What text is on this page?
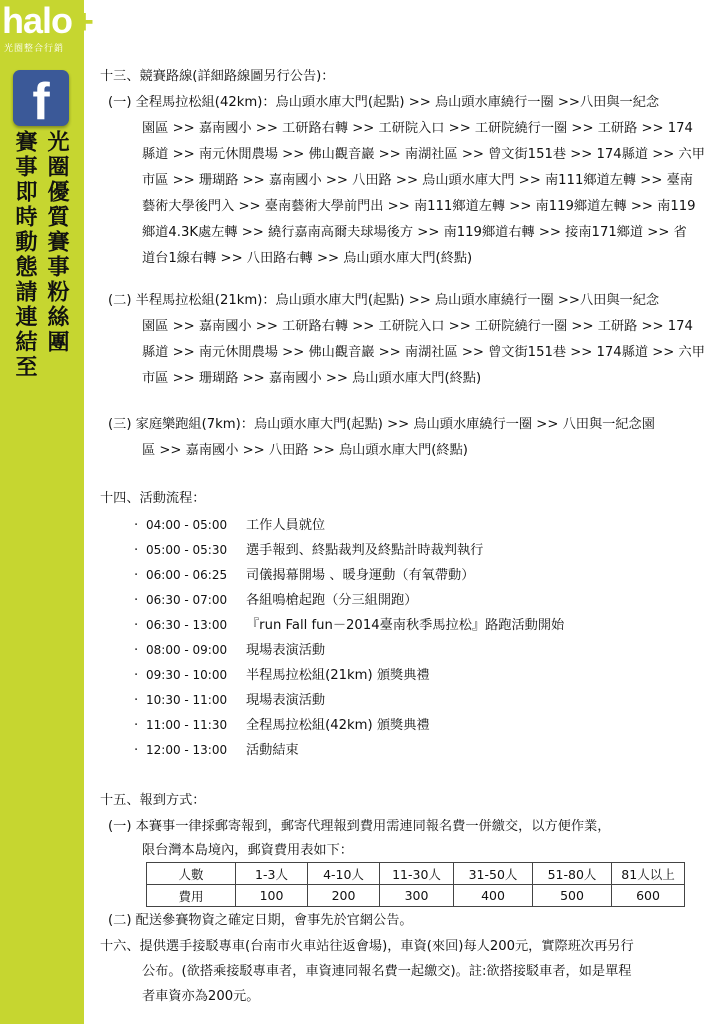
halo+
光圈整合行銷
f
光圈優質賽事粉絲團
賽事即時動態請連結至
十三、競賽路線(詳細路線圖另行公告)：
(一) 全程馬拉松組(42km)：烏山頭水庫大門(起點) >> 烏山頭水庫繞行一圈 >>八田與一紀念
園區 >> 嘉南國小 >> 工研路右轉 >> 工研院入口 >> 工研院繞行一圈 >> 工研路 >> 174
縣道 >> 南元休閒農場 >> 佛山觀音巖 >> 南湖社區 >> 曾文街151巷 >> 174縣道 >> 六甲
市區 >> 珊瑚路 >> 嘉南國小 >> 八田路 >> 烏山頭水庫大門 >> 南111鄉道左轉 >> 臺南
藝術大學後門入 >> 臺南藝術大學前門出 >> 南111鄉道左轉 >> 南119鄉道左轉 >> 南119
鄉道4.3K處左轉 >> 繞行嘉南高爾夫球場後方 >> 南119鄉道右轉 >> 接南171鄉道 >> 省
道台1線右轉 >> 八田路右轉 >> 烏山頭水庫大門(終點)
(二) 半程馬拉松組(21km)：烏山頭水庫大門(起點) >> 烏山頭水庫繞行一圈 >>八田與一紀念
園區 >> 嘉南國小 >> 工研路右轉 >> 工研院入口 >> 工研院繞行一圈 >> 工研路 >> 174
縣道 >> 南元休閒農場 >> 佛山觀音巖 >> 南湖社區 >> 曾文街151巷 >> 174縣道 >> 六甲
市區 >> 珊瑚路 >> 嘉南國小 >> 烏山頭水庫大門(終點)
(三) 家庭樂跑組(7km)：烏山頭水庫大門(起點) >> 烏山頭水庫繞行一圈 >> 八田與一紀念園
區 >> 嘉南國小 >> 八田路 >> 烏山頭水庫大門(終點)
十四、活動流程：
· 04:00 - 05:00 工作人員就位
· 05:00 - 05:30 選手報到、終點裁判及終點計時裁判執行
· 06:00 - 06:25 司儀揭幕開場 、暖身運動（有氧帶動）
· 06:30 - 07:00 各組鳴槍起跑（分三組開跑）
· 06:30 - 13:00 『run Fall fun－2014臺南秋季馬拉松』路跑活動開始
· 08:00 - 09:00 現場表演活動
· 09:30 - 10:00 半程馬拉松組(21km) 頒獎典禮
· 10:30 - 11:00 現場表演活動
· 11:00 - 11:30 全程馬拉松組(42km) 頒獎典禮
· 12:00 - 13:00 活動結束
十五、報到方式：
(一) 本賽事一律採郵寄報到，郵寄代理報到費用需連同報名費一併繳交，以方便作業，
限台灣本島境內，郵資費用表如下：
人數	1-3人	4-10人	11-30人	31-50人	51-80人	81人以上
費用	100	200	300	400	500	600
(二) 配送參賽物資之確定日期，會事先於官網公告。
十六、提供選手接駁專車(台南市火車站往返會場)，車資(來回)每人200元，實際班次再另行
公布。(欲搭乘接駁專車者，車資連同報名費一起繳交)。註:欲搭接駁車者，如是單程
者車資亦為200元。
